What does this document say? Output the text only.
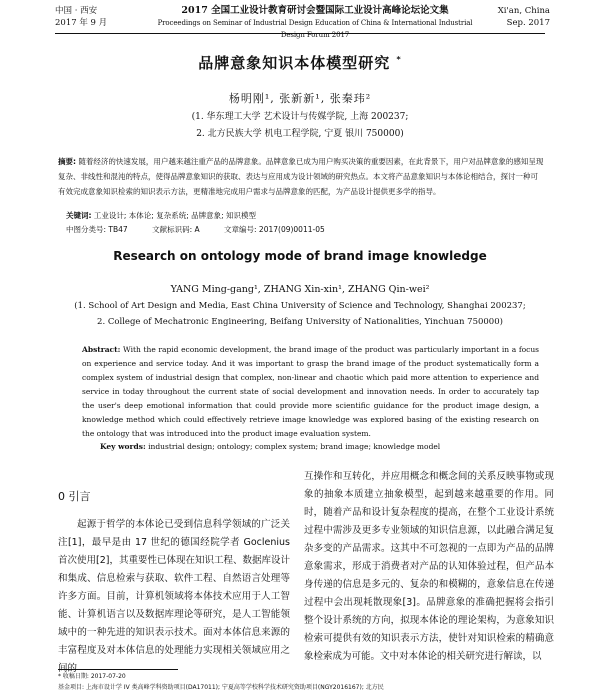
中国 · 西安
2017 年 9 月
2017 全国工业设计教育研讨会暨国际工业设计高峰论坛论文集
Proceedings on Seminar of Industrial Design Education of China & International Industrial Design Forum 2017
Xi'an, China
Sep. 2017
品牌意象知识本体模型研究 *
杨明刚¹, 张新新¹, 张秦玮²
(1. 华东理工大学 艺术设计与传媒学院, 上海 200237;
2. 北方民族大学 机电工程学院, 宁夏 银川 750000)
摘要: 随着经济的快速发展，用户越来越注重产品的品牌意象。品牌意象已成为用户购买决策的重要因素，在此背景下，用户对品牌意象的感知呈现复杂、非线性和混沌的特点，使得品牌意象知识的获取、表达与应用成为设计领域的研究热点。本文将产品意象知识与本体论相结合，探讨一种可有效完成意象知识检索的知识表示方法，更精准地完成用户需求与品牌意象的匹配，为产品设计提供更多学的指导。
关键词: 工业设计; 本体论; 复杂系统; 品牌意象; 知识模型
中图分类号: TB47	文献标识码: A	文章编号: 2017(09)0011-05
Research on ontology mode of brand image knowledge
YANG Ming-gang¹, ZHANG Xin-xin¹, ZHANG Qin-wei²
(1. School of Art Design and Media, East China University of Science and Technology, Shanghai 200237;
2. College of Mechatronic Engineering, Beifang University of Nationalities, Yinchuan 750000)
Abstract: With the rapid economic development, the brand image of the product was particularly important in a focus on experience and service today. And it was important to grasp the brand image of the product systematically form a complex system of industrial design that complex, non-linear and chaotic which paid more attention to experience and service in today throughout the current state of social development and innovation needs. In order to accurately tap the user's deep emotional information that could provide more scientific guidance for the product image design, a knowledge method which could effectively retrieve image knowledge was explored basing of the existing research on the ontology that was introduced into the product image evaluation system.
Key words: industrial design; ontology; complex system; brand image; knowledge model
0 引言
起源于哲学的本体论已受到信息科学领域的广泛关注[1]，最早是由 17 世纪的德国经院学者 Goclenius 首次使用[2]，其重要性已体现在知识工程、数据库设计和集成、信息检索与获取、软件工程、自然语言处理等许多方面。目前，计算机领域将本体技术应用于人工智能、计算机语言以及数据库理论等研究，是人工智能领域中的一种先进的知识表示技术。面对本体信息来源的丰富程度及对本体信息的处理能力实现相关领域应用之间的
互操作和互转化，并应用概念和概念间的关系反映事物或现象的抽象本质建立抽象模型，起到越来越重要的作用。同时，随着产品和设计复杂程度的提高，在整个工业设计系统过程中需涉及更多专业领域的知识信息源，以此融合满足复杂多变的产品需求。这其中不可忽视的一点即为产品的品牌意象需求，形成于消费者对产品的认知体验过程，但产品本身传递的信息是多元的、复杂的和模糊的，意象信息在传递过程中会出现耗散现象[3]。品牌意象的准确把握将会指引整个设计系统的方向，拟现本体论的理论架构，为意象知识检索可提供有效的知识表示方法，使针对知识检索的精确意象检索成为可能。文中对本体论的相关研究进行解读，以
* 收稿日期: 2017-07-20
基金项目: 上海市设计学 IV 类高峰学科资助项目(DA17011); 宁夏高等学校科学技术研究资助项目(NGY2016167); 北方民
